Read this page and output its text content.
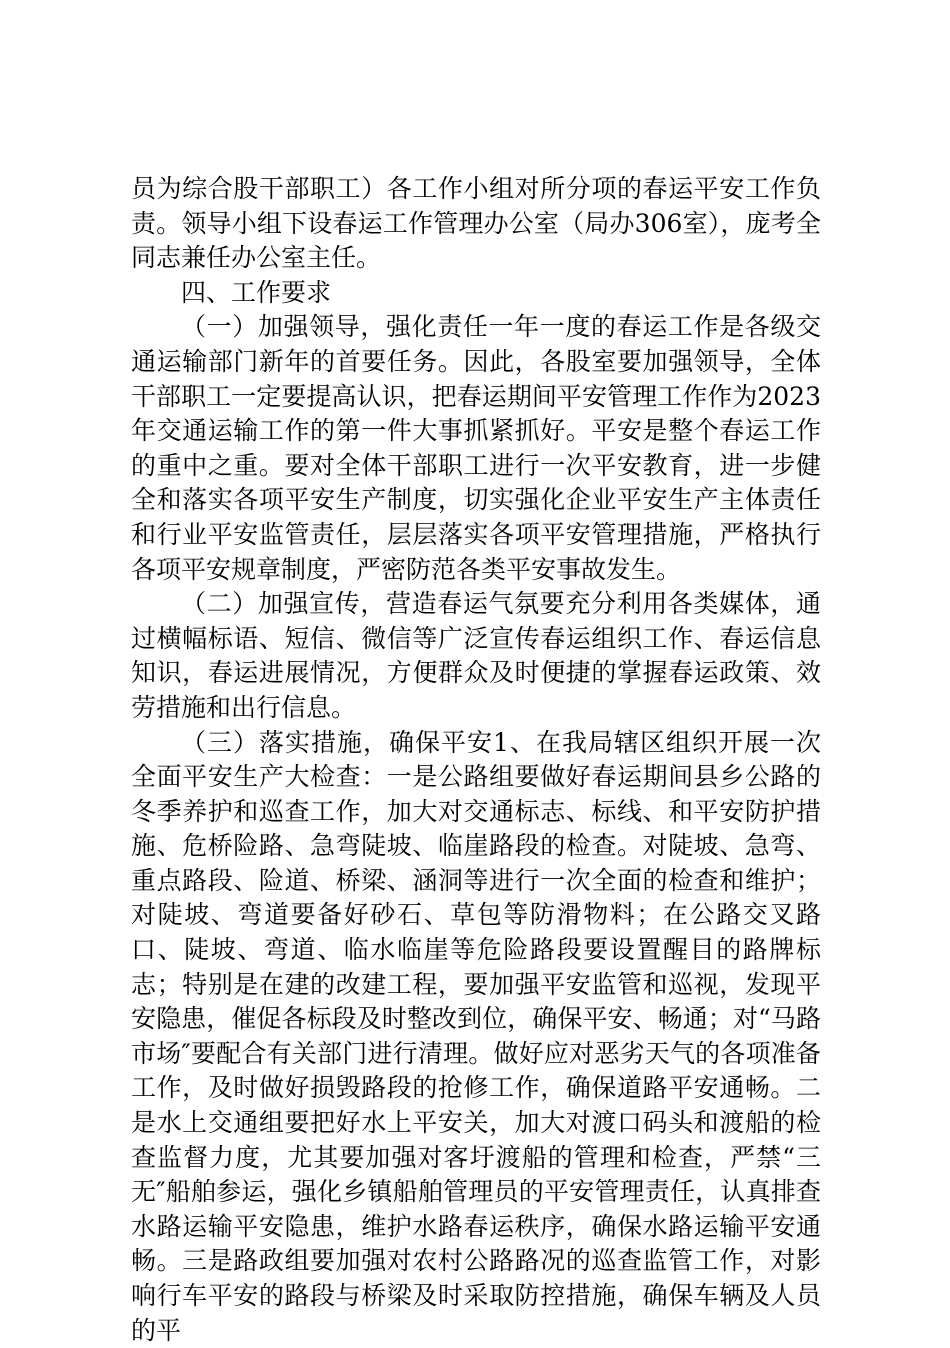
员为综合股干部职工）各工作小组对所分项的春运平安工作负责。领导小组下设春运工作管理办公室（局办306室），庞考全同志兼任办公室主任。

四、工作要求

（一）加强领导，强化责任一年一度的春运工作是各级交通运输部门新年的首要任务。因此，各股室要加强领导，全体干部职工一定要提高认识，把春运期间平安管理工作作为2023年交通运输工作的第一件大事抓紧抓好。平安是整个春运工作的重中之重。要对全体干部职工进行一次平安教育，进一步健全和落实各项平安生产制度，切实强化企业平安生产主体责任和行业平安监管责任，层层落实各项平安管理措施，严格执行各项平安规章制度，严密防范各类平安事故发生。

（二）加强宣传，营造春运气氛要充分利用各类媒体，通过横幅标语、短信、微信等广泛宣传春运组织工作、春运信息知识，春运进展情况，方便群众及时便捷的掌握春运政策、效劳措施和出行信息。

（三）落实措施，确保平安1、在我局辖区组织开展一次全面平安生产大检查：一是公路组要做好春运期间县乡公路的冬季养护和巡查工作，加大对交通标志、标线、和平安防护措施、危桥险路、急弯陡坡、临崖路段的检查。对陡坡、急弯、重点路段、险道、桥梁、涵洞等进行一次全面的检查和维护；对陡坡、弯道要备好砂石、草包等防滑物料；在公路交叉路口、陡坡、弯道、临水临崖等危险路段要设置醒目的路牌标志；特别是在建的改建工程，要加强平安监管和巡视，发现平安隐患，催促各标段及时整改到位，确保平安、畅通；对“马路市场″要配合有关部门进行清理。做好应对恶劣天气的各项准备工作，及时做好损毁路段的抢修工作，确保道路平安通畅。二是水上交通组要把好水上平安关，加大对渡口码头和渡船的检查监督力度，尤其要加强对客圩渡船的管理和检查，严禁“三无″船舶参运，强化乡镇船舶管理员的平安管理责任，认真排查水路运输平安隐患，维护水路春运秩序，确保水路运输平安通畅。三是路政组要加强对农村公路路况的巡查监管工作，对影响行车平安的路段与桥梁及时采取防控措施，确保车辆及人员的平
